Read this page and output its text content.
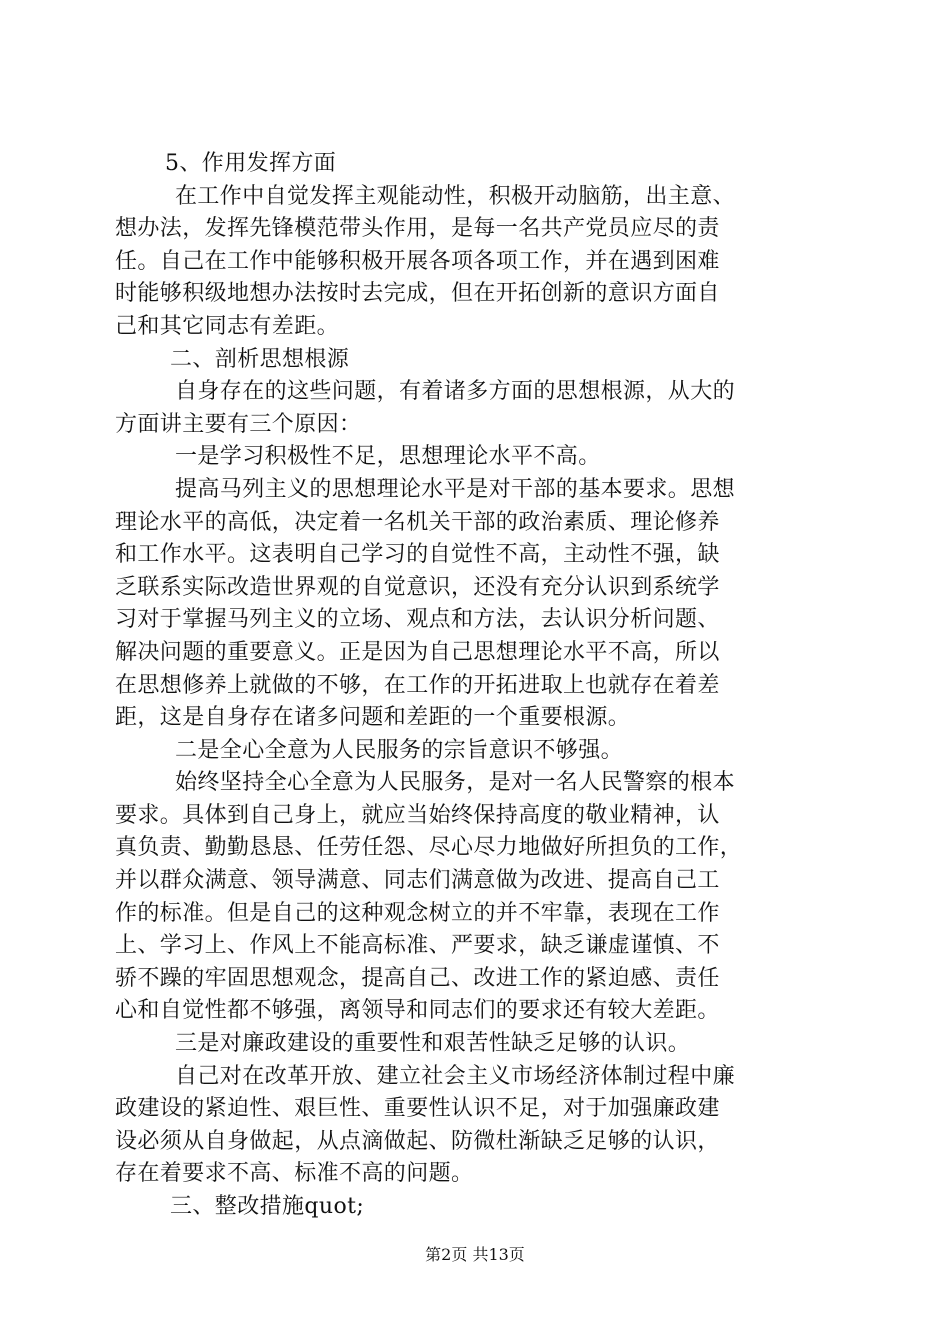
5、作用发挥方面
在工作中自觉发挥主观能动性，积极开动脑筋，出主意、
想办法，发挥先锋模范带头作用，是每一名共产党员应尽的责
任。自己在工作中能够积极开展各项各项工作，并在遇到困难
时能够积级地想办法按时去完成，但在开拓创新的意识方面自
己和其它同志有差距。
二、剖析思想根源
自身存在的这些问题，有着诸多方面的思想根源，从大的
方面讲主要有三个原因：
一是学习积极性不足，思想理论水平不高。
提高马列主义的思想理论水平是对干部的基本要求。思想
理论水平的高低，决定着一名机关干部的政治素质、理论修养
和工作水平。这表明自己学习的自觉性不高，主动性不强，缺
乏联系实际改造世界观的自觉意识，还没有充分认识到系统学
习对于掌握马列主义的立场、观点和方法，去认识分析问题、
解决问题的重要意义。正是因为自己思想理论水平不高，所以
在思想修养上就做的不够，在工作的开拓进取上也就存在着差
距，这是自身存在诸多问题和差距的一个重要根源。
二是全心全意为人民服务的宗旨意识不够强。
始终坚持全心全意为人民服务，是对一名人民警察的根本
要求。具体到自己身上，就应当始终保持高度的敬业精神，认
真负责、勤勤恳恳、任劳任怨、尽心尽力地做好所担负的工作，
并以群众满意、领导满意、同志们满意做为改进、提高自己工
作的标准。但是自己的这种观念树立的并不牢靠，表现在工作
上、学习上、作风上不能高标准、严要求，缺乏谦虚谨慎、不
骄不躁的牢固思想观念，提高自己、改进工作的紧迫感、责任
心和自觉性都不够强，离领导和同志们的要求还有较大差距。
三是对廉政建设的重要性和艰苦性缺乏足够的认识。
自己对在改革开放、建立社会主义市场经济体制过程中廉
政建设的紧迫性、艰巨性、重要性认识不足，对于加强廉政建
设必须从自身做起，从点滴做起、防微杜渐缺乏足够的认识，
存在着要求不高、标准不高的问题。
三、整改措施quot;
第2页 共13页
